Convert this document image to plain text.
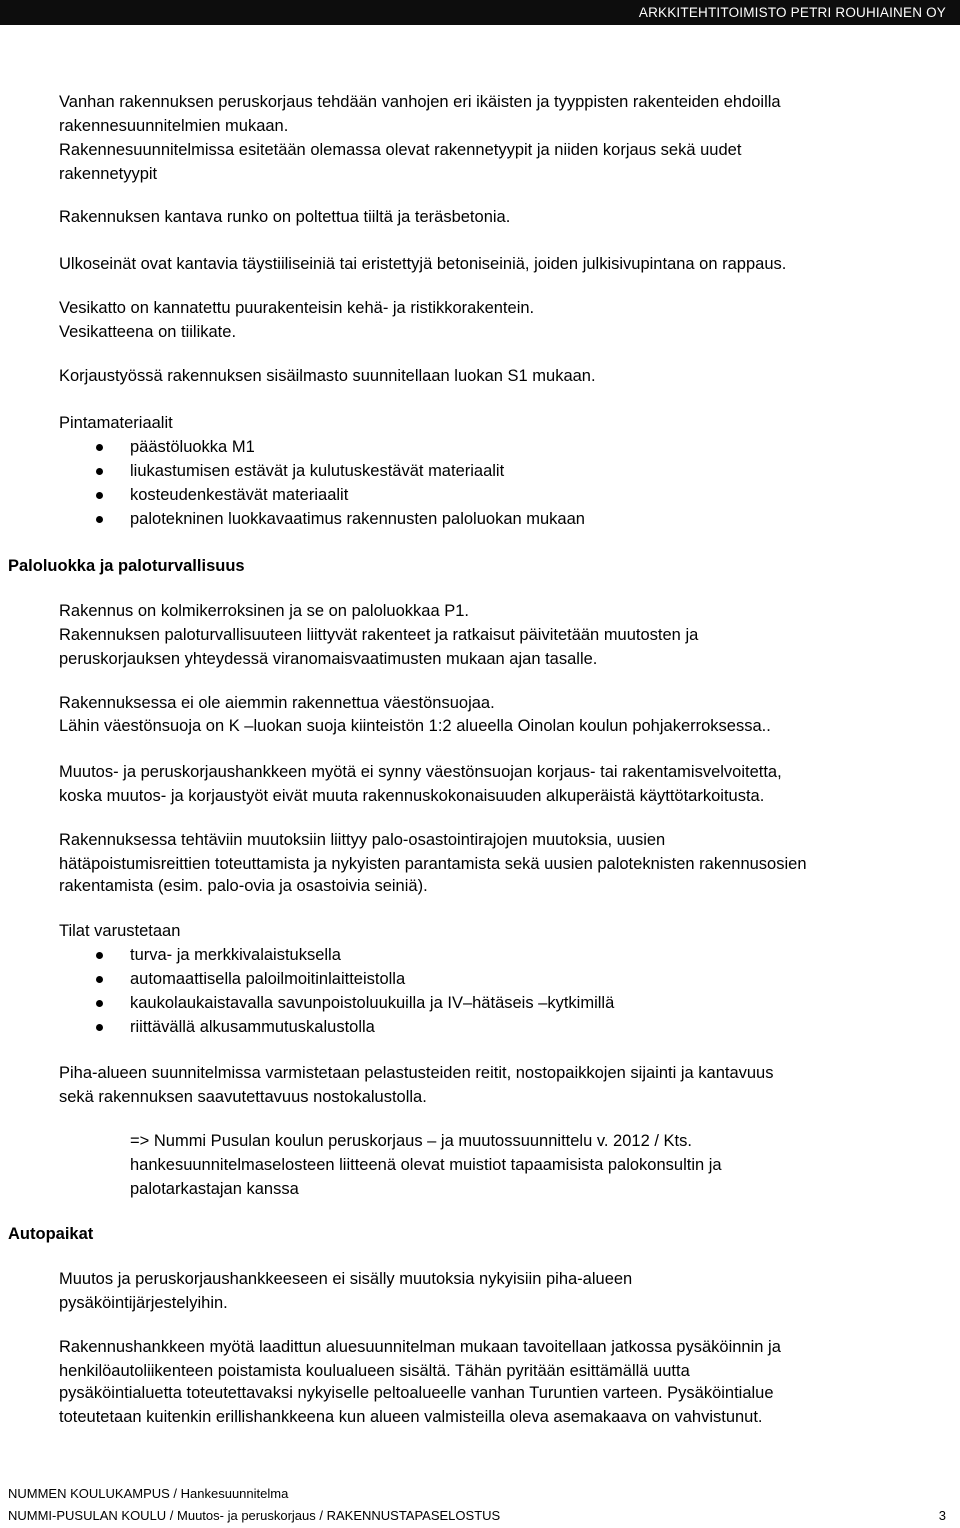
ARKKITEHTITOIMISTO PETRI ROUHIAINEN OY
Vanhan rakennuksen peruskorjaus tehdään vanhojen eri ikäisten ja tyyppisten rakenteiden ehdoilla
rakennesuunnitelmien mukaan.
Rakennesuunnitelmissa esitetään olemassa olevat rakennetyypit ja niiden korjaus sekä uudet
rakennetyypit
Rakennuksen kantava runko on poltettua tiiltä ja teräsbetonia.
Ulkoseinät ovat kantavia täystiiliseiniä tai eristettyjä betoniseiniä, joiden julkisivupintana on rappaus.
Vesikatto on kannatettu puurakenteisin kehä- ja ristikkorakentein.
Vesikatteena on tiilikate.
Korjaustyössä rakennuksen sisäilmasto suunnitellaan luokan S1 mukaan.
Pintamateriaalit
päästöluokka M1
liukastumisen estävät ja kulutuskestävät materiaalit
kosteudenkestävät materiaalit
palotekninen luokkavaatimus rakennusten paloluokan mukaan
Paloluokka ja paloturvallisuus
Rakennus on kolmikerroksinen ja se on paloluokkaa P1.
Rakennuksen paloturvallisuuteen liittyvät rakenteet ja ratkaisut päivitetään muutosten ja
peruskorjauksen yhteydessä viranomaisvaatimusten mukaan ajan tasalle.
Rakennuksessa ei ole aiemmin rakennettua väestönsuojaa.
Lähin väestönsuoja on K –luokan suoja kiinteistön 1:2 alueella Oinolan koulun pohjakerroksessa..
Muutos- ja peruskorjaushankkeen myötä ei synny väestönsuojan korjaus- tai rakentamisvelvoitetta,
koska muutos- ja korjaustyöt eivät muuta rakennuskokonaisuuden alkuperäistä käyttötarkoitusta.
Rakennuksessa tehtäviin muutoksiin liittyy palo-osastointirajojen muutoksia, uusien
hätäpoistumisreittien toteuttamista ja nykyisten parantamista sekä uusien paloteknisten rakennusosien
rakentamista (esim. palo-ovia ja osastoivia seiniä).
Tilat varustetaan
turva- ja merkkivalaistuksella
automaattisella paloilmoitinlaitteistolla
kaukolaukaistavalla savunpoistoluukuilla ja IV–hätäseis –kytkimillä
riittävällä alkusammutuskalustolla
Piha-alueen suunnitelmissa varmistetaan pelastusteiden reitit, nostopaikkojen sijainti ja kantavuus
sekä rakennuksen saavutettavuus nostokalustolla.
=> Nummi Pusulan koulun peruskorjaus – ja muutossuunnittelu v. 2012 / Kts.
hankesuunnitelmaselosteen liitteenä olevat muistiot tapaamisista palokonsultin ja
palotarkastajan kanssa
Autopaikat
Muutos ja peruskorjaushankkeeseen ei sisälly muutoksia nykyisiin piha-alueen
pysäköintijärjestelyihin.
Rakennushankkeen myötä laadittun aluesuunnitelman mukaan tavoitellaan jatkossa pysäköinnin ja
henkilöautoliikenteen poistamista koulualueen sisältä. Tähän pyritään esittämällä uutta
pysäköintialuetta toteutettavaksi nykyiselle peltoalueelle vanhan Turuntien varteen. Pysäköintialue
toteutetaan kuitenkin erillishankkeena kun alueen valmisteilla oleva asemakaava on vahvistunut.
NUMMEN KOULUKAMPUS / Hankesuunnitelma
NUMMI-PUSULAN KOULU / Muutos- ja peruskorjaus / RAKENNUSTAPASELOSTUS	3
